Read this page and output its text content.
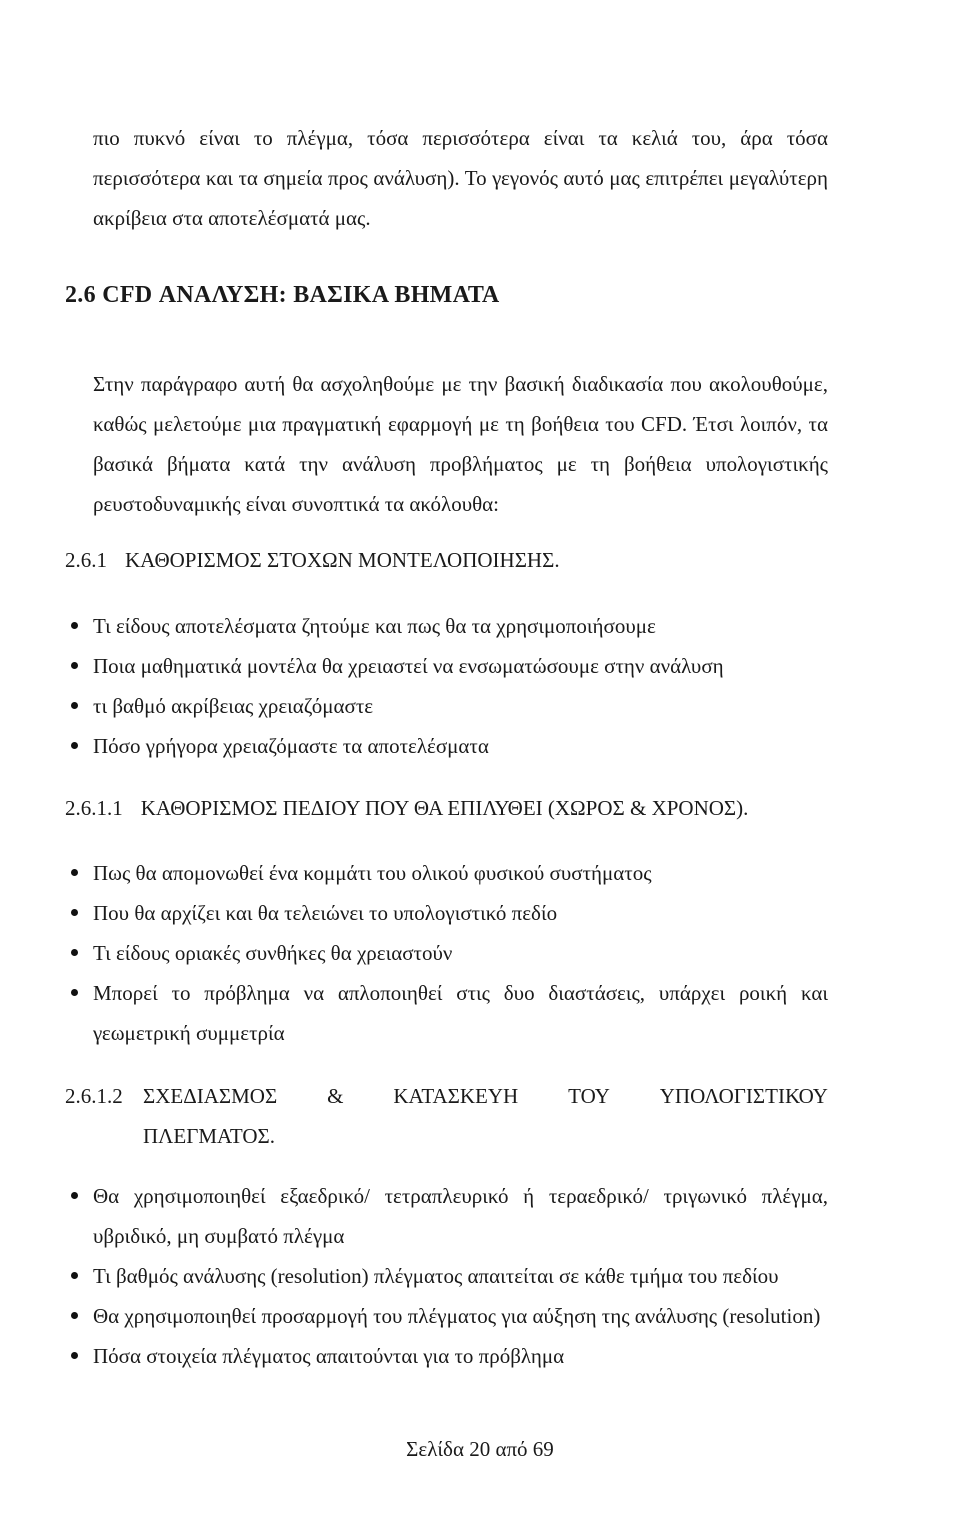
πιο πυκνό είναι το πλέγμα, τόσα περισσότερα είναι τα κελιά του, άρα τόσα περισσότερα και τα σημεία προς ανάλυση). Το γεγονός αυτό μας επιτρέπει μεγαλύτερη ακρίβεια στα αποτελέσματά μας.

2.6 CFD ΑΝΑΛΥΣΗ: ΒΑΣΙΚΑ ΒΗΜΑΤΑ

Στην παράγραφο αυτή θα ασχοληθούμε με την βασική διαδικασία που ακολουθούμε, καθώς μελετούμε μια πραγματική εφαρμογή με τη βοήθεια του CFD. Έτσι λοιπόν, τα βασικά βήματα κατά την ανάλυση προβλήματος με τη βοήθεια υπολογιστικής ρευστοδυναμικής είναι συνοπτικά τα ακόλουθα:

2.6.1 ΚΑΘΟΡΙΣΜΟΣ ΣΤΟΧΩΝ ΜΟΝΤΕΛΟΠΟΙΗΣΗΣ.
Τι είδους αποτελέσματα ζητούμε και πως θα τα χρησιμοποιήσουμε
Ποια μαθηματικά μοντέλα θα χρειαστεί να ενσωματώσουμε στην ανάλυση
τι βαθμό ακρίβειας χρειαζόμαστε
Πόσο γρήγορα χρειαζόμαστε τα αποτελέσματα
2.6.1.1 ΚΑΘΟΡΙΣΜΟΣ ΠΕΔΙΟΥ ΠΟΥ ΘΑ ΕΠΙΛΥΘΕΙ (ΧΩΡΟΣ & ΧΡΟΝΟΣ).
Πως θα απομονωθεί ένα κομμάτι του ολικού φυσικού συστήματος
Που θα αρχίζει και θα τελειώνει το υπολογιστικό πεδίο
Τι είδους οριακές συνθήκες θα χρειαστούν
Μπορεί το πρόβλημα να απλοποιηθεί στις δυο διαστάσεις, υπάρχει ροική και γεωμετρική συμμετρία
2.6.1.2 ΣΧΕΔΙΑΣΜΟΣ & ΚΑΤΑΣΚΕΥΗ ΤΟΥ ΥΠΟΛΟΓΙΣΤΙΚΟΥ
ΠΛΕΓΜΑΤΟΣ.
Θα χρησιμοποιηθεί εξαεδρικό/ τετραπλευρικό ή τεραεδρικό/ τριγωνικό πλέγμα, υβριδικό, μη συμβατό πλέγμα
Τι βαθμός ανάλυσης (resolution) πλέγματος απαιτείται σε κάθε τμήμα του πεδίου
Θα χρησιμοποιηθεί προσαρμογή του πλέγματος για αύξηση της ανάλυσης (resolution)
Πόσα στοιχεία πλέγματος απαιτούνται για το πρόβλημα
Σελίδα 20 από 69
